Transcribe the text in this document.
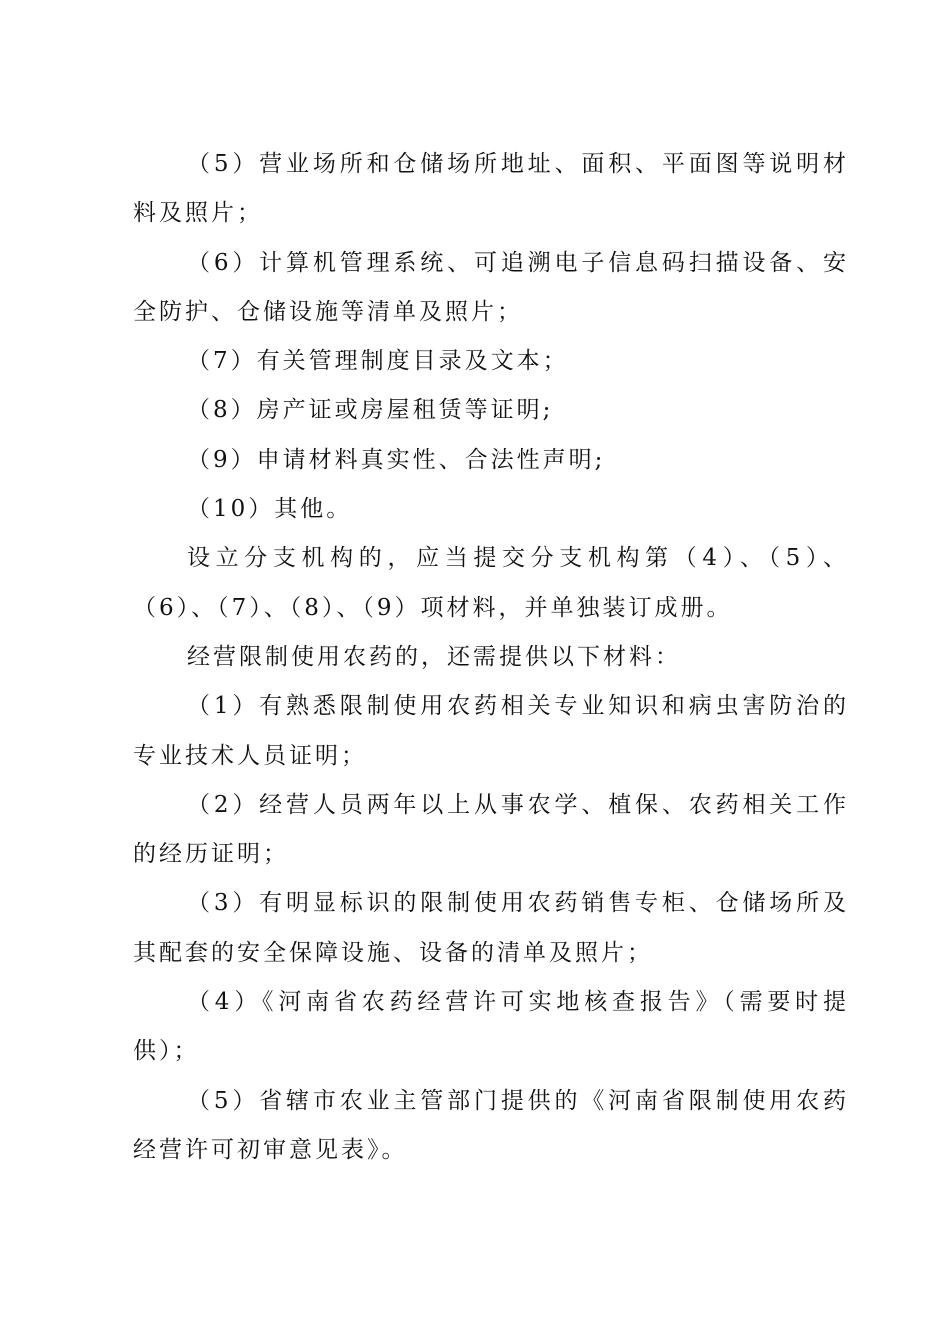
（5）营业场所和仓储场所地址、面积、平面图等说明材料及照片；

（6）计算机管理系统、可追溯电子信息码扫描设备、安全防护、仓储设施等清单及照片；

（7）有关管理制度目录及文本；

（8）房产证或房屋租赁等证明;

（9）申请材料真实性、合法性声明;

（10）其他。

设立分支机构的，应当提交分支机构第（4）、（5）、（6）、（7）、（8）、（9）项材料，并单独装订成册。

经营限制使用农药的，还需提供以下材料：

（1）有熟悉限制使用农药相关专业知识和病虫害防治的专业技术人员证明；

（2）经营人员两年以上从事农学、植保、农药相关工作的经历证明；

（3）有明显标识的限制使用农药销售专柜、仓储场所及其配套的安全保障设施、设备的清单及照片；

（4）《河南省农药经营许可实地核查报告》（需要时提供）；

（5）省辖市农业主管部门提供的《河南省限制使用农药经营许可初审意见表》。
